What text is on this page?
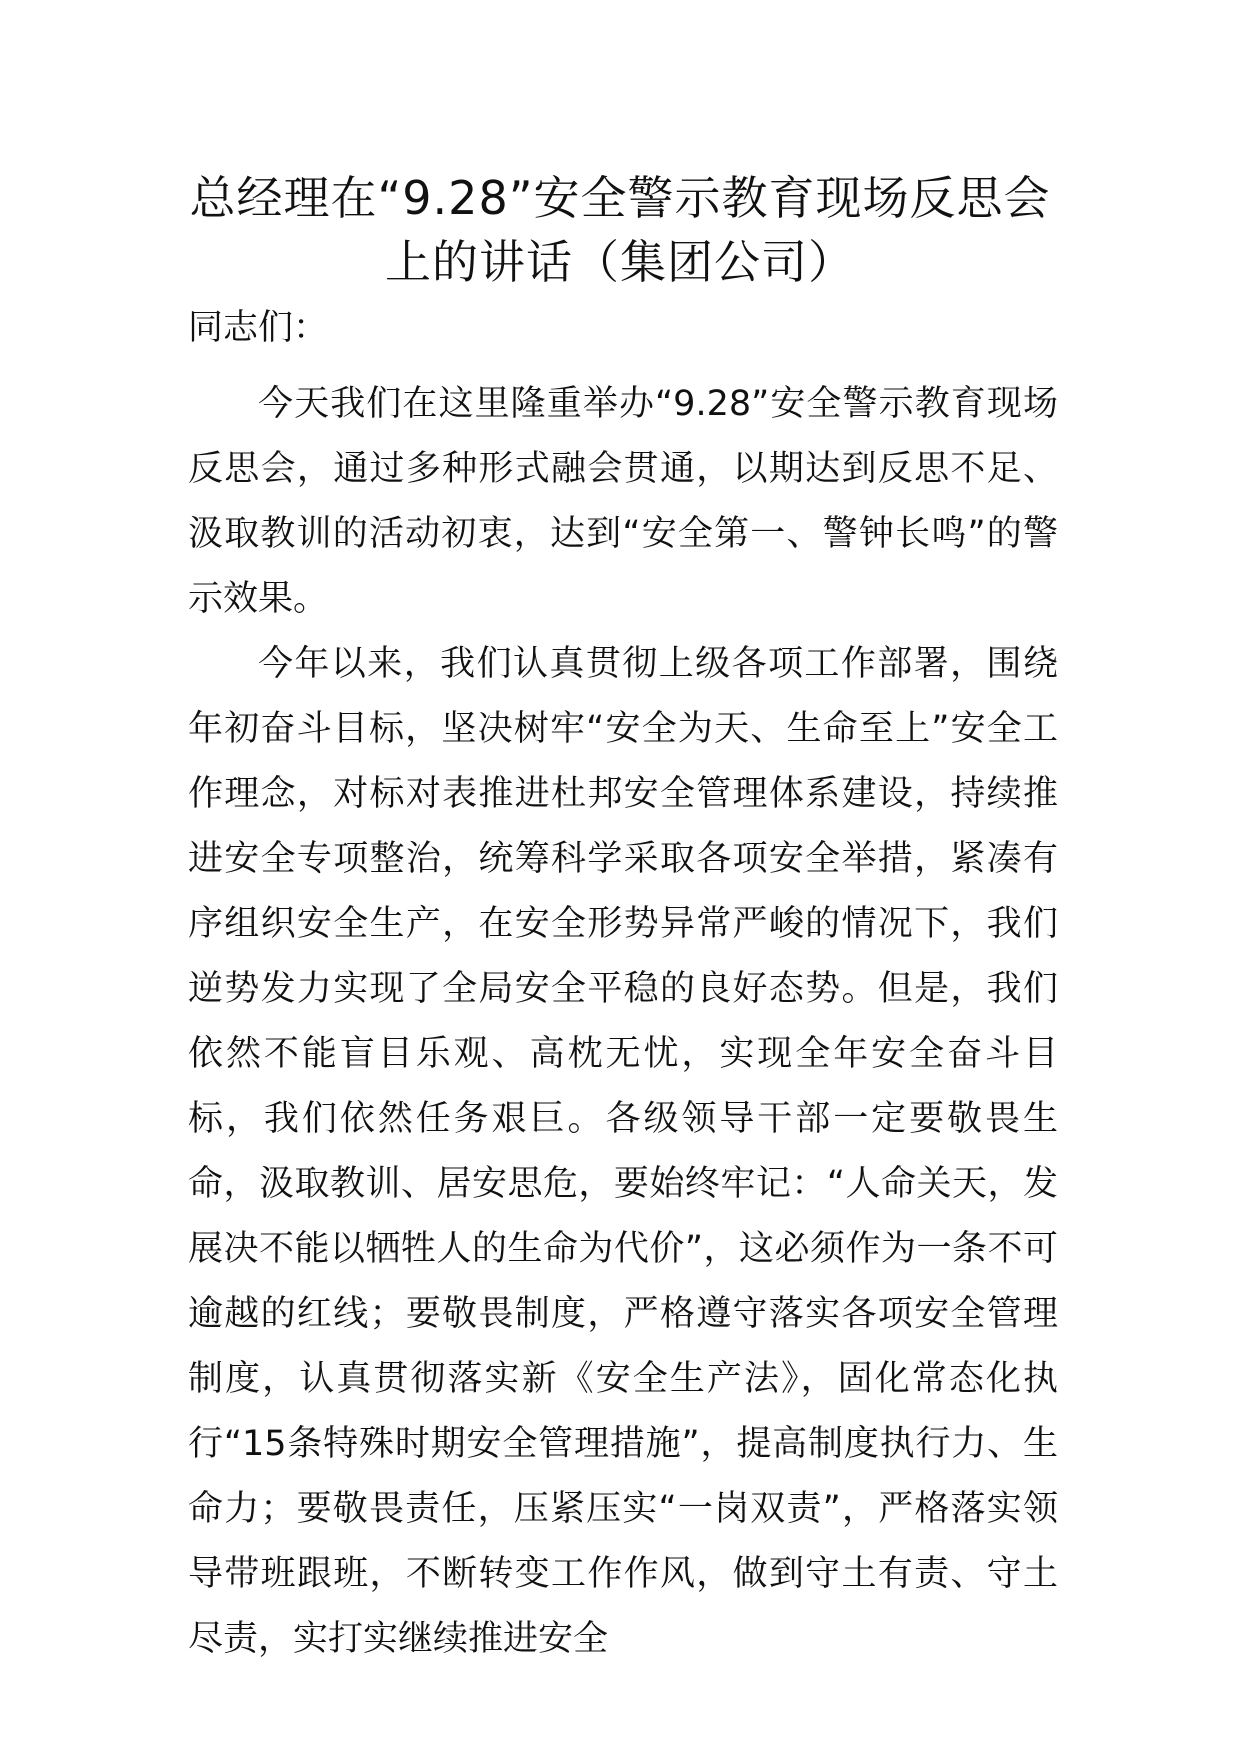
总经理在“9.28”安全警示教育现场反思会
上的讲话（集团公司）

同志们：

今天我们在这里隆重举办“9.28”安全警示教育现场反思会，通过多种形式融会贯通，以期达到反思不足、汲取教训的活动初衷，达到“安全第一、警钟长鸣”的警示效果。

今年以来，我们认真贯彻上级各项工作部署，围绕年初奋斗目标，坚决树牢“安全为天、生命至上”安全工作理念，对标对表推进杜邦安全管理体系建设，持续推进安全专项整治，统筹科学采取各项安全举措，紧凑有序组织安全生产，在安全形势异常严峻的情况下，我们逆势发力实现了全局安全平稳的良好态势。但是，我们依然不能盲目乐观、高枕无忧，实现全年安全奋斗目标，我们依然任务艰巨。各级领导干部一定要敬畏生命，汲取教训、居安思危，要始终牢记：“人命关天，发展决不能以牺牲人的生命为代价”，这必须作为一条不可逾越的红线；要敬畏制度，严格遵守落实各项安全管理制度，认真贯彻落实新《安全生产法》，固化常态化执行“15条特殊时期安全管理措施”，提高制度执行力、生命力；要敬畏责任，压紧压实“一岗双责”，严格落实领导带班跟班，不断转变工作作风，做到守土有责、守土尽责，实打实继续推进安全
